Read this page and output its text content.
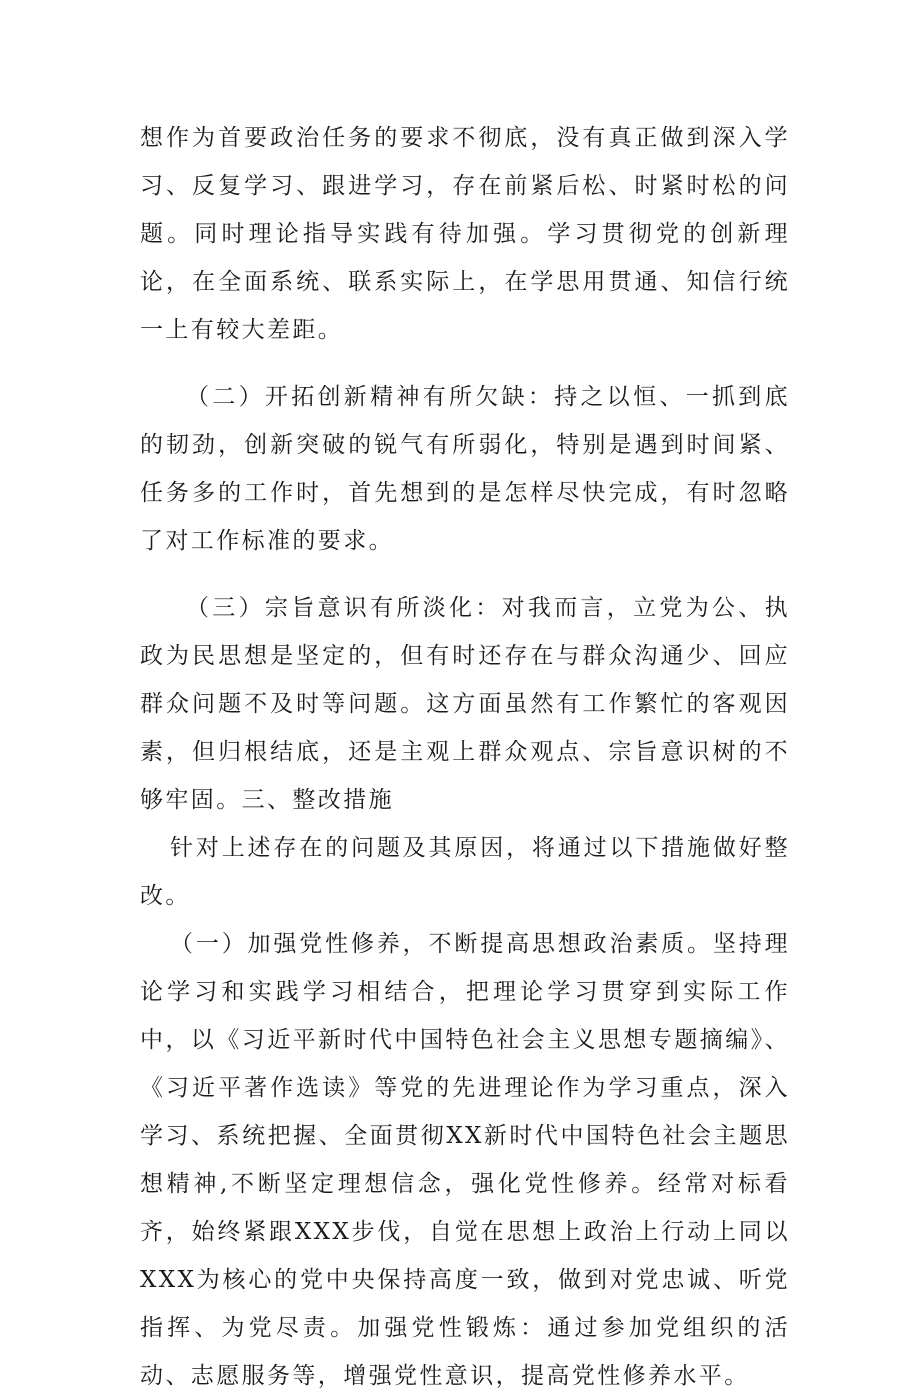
想作为首要政治任务的要求不彻底，没有真正做到深入学习、反复学习、跟进学习，存在前紧后松、时紧时松的问题。同时理论指导实践有待加强。学习贯彻党的创新理论，在全面系统、联系实际上，在学思用贯通、知信行统一上有较大差距。

（二）开拓创新精神有所欠缺：持之以恒、一抓到底的韧劲，创新突破的锐气有所弱化，特别是遇到时间紧、任务多的工作时，首先想到的是怎样尽快完成，有时忽略了对工作标准的要求。

（三）宗旨意识有所淡化：对我而言，立党为公、执政为民思想是坚定的，但有时还存在与群众沟通少、回应群众问题不及时等问题。这方面虽然有工作繁忙的客观因素，但归根结底，还是主观上群众观点、宗旨意识树的不够牢固。三、整改措施

针对上述存在的问题及其原因，将通过以下措施做好整改。

（一）加强党性修养，不断提高思想政治素质。坚持理论学习和实践学习相结合，把理论学习贯穿到实际工作中，以《习近平新时代中国特色社会主义思想专题摘编》、《习近平著作选读》等党的先进理论作为学习重点，深入学习、系统把握、全面贯彻XX新时代中国特色社会主题思想精神,不断坚定理想信念，强化党性修养。经常对标看齐，始终紧跟XXX步伐，自觉在思想上政治上行动上同以XXX为核心的党中央保持高度一致，做到对党忠诚、听党指挥、为党尽责。加强党性锻炼：通过参加党组织的活动、志愿服务等，增强党性意识，提高党性修养水平。
